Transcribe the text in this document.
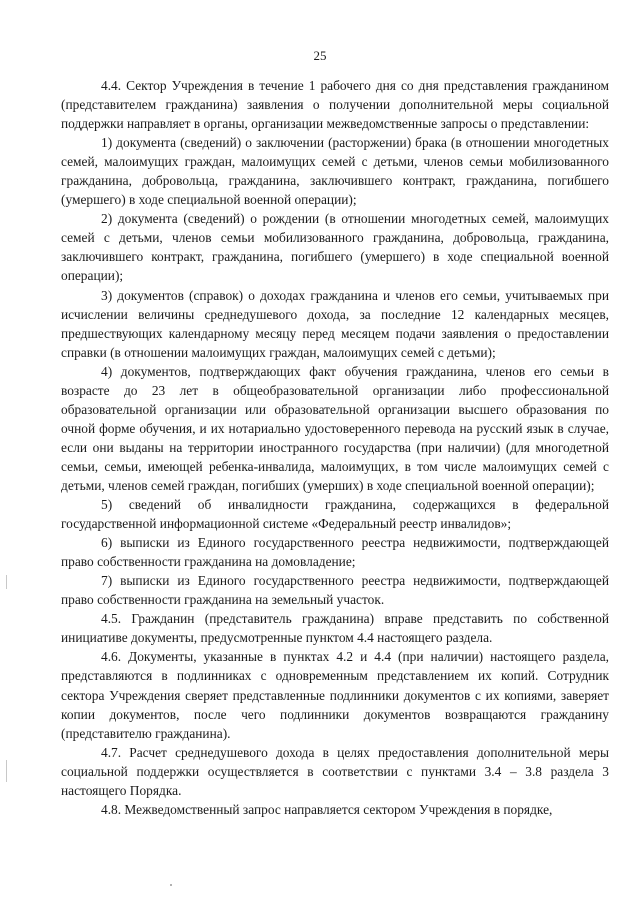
25

4.4. Сектор Учреждения в течение 1 рабочего дня со дня представления гражданином (представителем гражданина) заявления о получении дополнительной меры социальной поддержки направляет в органы, организации межведомственные запросы о представлении:

1) документа (сведений) о заключении (расторжении) брака (в отношении многодетных семей, малоимущих граждан, малоимущих семей с детьми, членов семьи мобилизованного гражданина, добровольца, гражданина, заключившего контракт, гражданина, погибшего (умершего) в ходе специальной военной операции);

2) документа (сведений) о рождении (в отношении многодетных семей, малоимущих семей с детьми, членов семьи мобилизованного гражданина, добровольца, гражданина, заключившего контракт, гражданина, погибшего (умершего) в ходе специальной военной операции);

3) документов (справок) о доходах гражданина и членов его семьи, учитываемых при исчислении величины среднедушевого дохода, за последние 12 календарных месяцев, предшествующих календарному месяцу перед месяцем подачи заявления о предоставлении справки (в отношении малоимущих граждан, малоимущих семей с детьми);

4) документов, подтверждающих факт обучения гражданина, членов его семьи в возрасте до 23 лет в общеобразовательной организации либо профессиональной образовательной организации или образовательной организации высшего образования по очной форме обучения, и их нотариально удостоверенного перевода на русский язык в случае, если они выданы на территории иностранного государства (при наличии) (для многодетной семьи, семьи, имеющей ребенка-инвалида, малоимущих, в том числе малоимущих семей с детьми, членов семей граждан, погибших (умерших) в ходе специальной военной операции);

5) сведений об инвалидности гражданина, содержащихся в федеральной государственной информационной системе «Федеральный реестр инвалидов»;

6) выписки из Единого государственного реестра недвижимости, подтверждающей право собственности гражданина на домовладение;

7) выписки из Единого государственного реестра недвижимости, подтверждающей право собственности гражданина на земельный участок.

4.5. Гражданин (представитель гражданина) вправе представить по собственной инициативе документы, предусмотренные пунктом 4.4 настоящего раздела.

4.6. Документы, указанные в пунктах 4.2 и 4.4 (при наличии) настоящего раздела, представляются в подлинниках с одновременным представлением их копий. Сотрудник сектора Учреждения сверяет представленные подлинники документов с их копиями, заверяет копии документов, после чего подлинники документов возвращаются гражданину (представителю гражданина).

4.7. Расчет среднедушевого дохода в целях предоставления дополнительной меры социальной поддержки осуществляется в соответствии с пунктами 3.4 – 3.8 раздела 3 настоящего Порядка.

4.8. Межведомственный запрос направляется сектором Учреждения в порядке,
